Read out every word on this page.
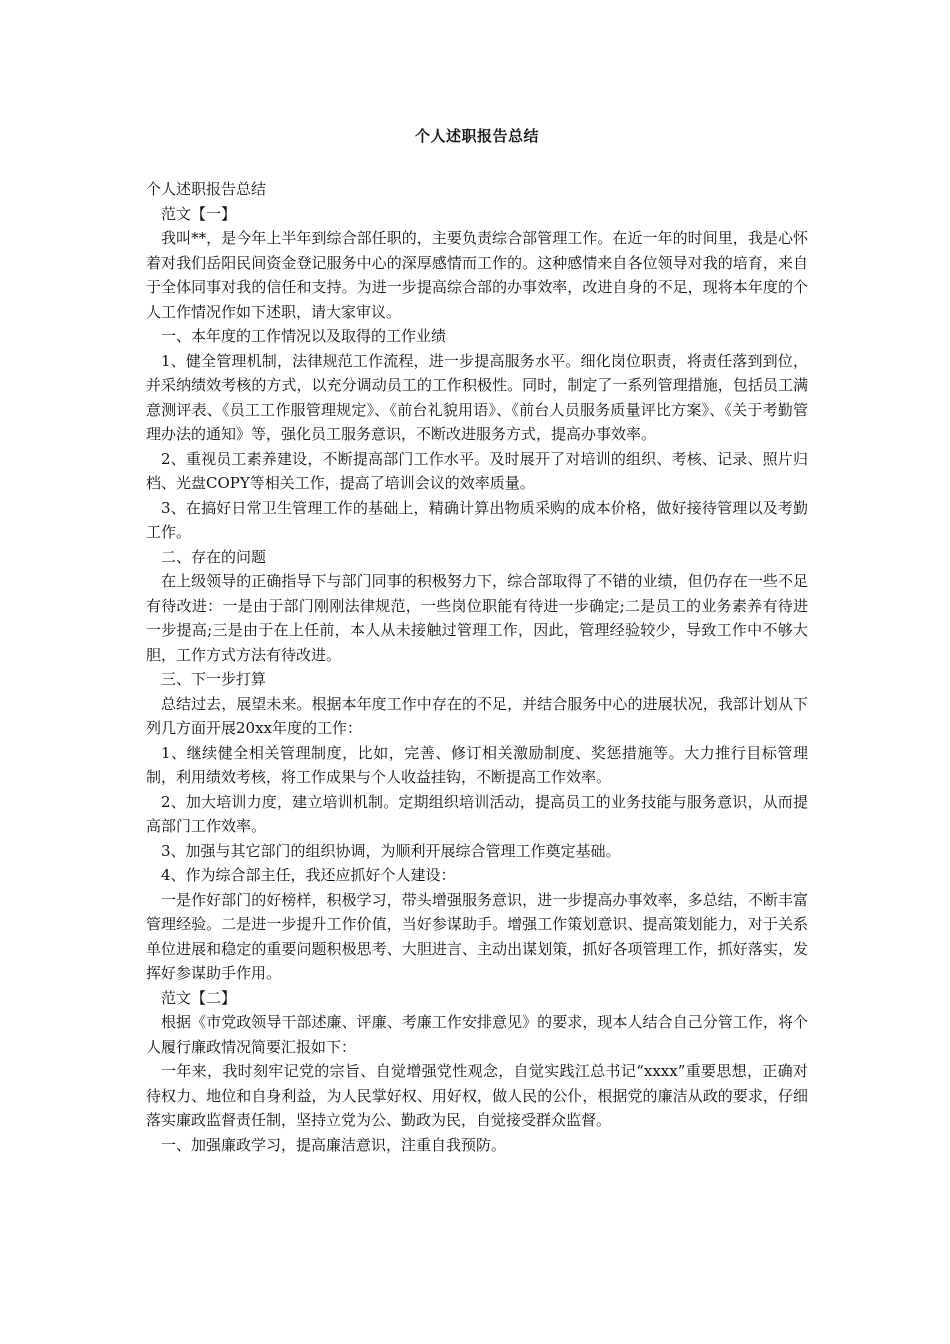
个人述职报告总结

个人述职报告总结

范文【一】

我叫**，是今年上半年到综合部任职的，主要负责综合部管理工作。在近一年的时间里，我是心怀着对我们岳阳民间资金登记服务中心的深厚感情而工作的。这种感情来自各位领导对我的培育，来自于全体同事对我的信任和支持。为进一步提高综合部的办事效率，改进自身的不足，现将本年度的个人工作情况作如下述职，请大家审议。

一、本年度的工作情况以及取得的工作业绩

1、健全管理机制，法律规范工作流程，进一步提高服务水平。细化岗位职责，将责任落到到位，并采纳绩效考核的方式，以充分调动员工的工作积极性。同时，制定了一系列管理措施，包括员工满意测评表、《员工工作服管理规定》、《前台礼貌用语》、《前台人员服务质量评比方案》、《关于考勤管理办法的通知》等，强化员工服务意识，不断改进服务方式，提高办事效率。

2、重视员工素养建设，不断提高部门工作水平。及时展开了对培训的组织、考核、记录、照片归档、光盘COPY等相关工作，提高了培训会议的效率质量。

3、在搞好日常卫生管理工作的基础上，精确计算出物质采购的成本价格，做好接待管理以及考勤工作。

二、存在的问题

在上级领导的正确指导下与部门同事的积极努力下，综合部取得了不错的业绩，但仍存在一些不足有待改进：一是由于部门刚刚法律规范，一些岗位职能有待进一步确定;二是员工的业务素养有待进一步提高;三是由于在上任前，本人从未接触过管理工作，因此，管理经验较少，导致工作中不够大胆，工作方式方法有待改进。

三、下一步打算

总结过去，展望未来。根据本年度工作中存在的不足，并结合服务中心的进展状况，我部计划从下列几方面开展20xx年度的工作：

1、继续健全相关管理制度，比如，完善、修订相关激励制度、奖惩措施等。大力推行目标管理制，利用绩效考核，将工作成果与个人收益挂钩，不断提高工作效率。

2、加大培训力度，建立培训机制。定期组织培训活动，提高员工的业务技能与服务意识，从而提高部门工作效率。

3、加强与其它部门的组织协调，为顺利开展综合管理工作奠定基础。

4、作为综合部主任，我还应抓好个人建设：

一是作好部门的好榜样，积极学习，带头增强服务意识，进一步提高办事效率，多总结，不断丰富管理经验。二是进一步提升工作价值，当好参谋助手。增强工作策划意识、提高策划能力，对于关系单位进展和稳定的重要问题积极思考、大胆进言、主动出谋划策，抓好各项管理工作，抓好落实，发挥好参谋助手作用。

范文【二】

根据《市党政领导干部述廉、评廉、考廉工作安排意见》的要求，现本人结合自己分管工作，将个人履行廉政情况简要汇报如下：

一年来，我时刻牢记党的宗旨、自觉增强党性观念，自觉实践江总书记“xxxx”重要思想，正确对待权力、地位和自身利益，为人民掌好权、用好权，做人民的公仆，根据党的廉洁从政的要求，仔细落实廉政监督责任制，坚持立党为公、勤政为民，自觉接受群众监督。

一、加强廉政学习，提高廉洁意识，注重自我预防。
